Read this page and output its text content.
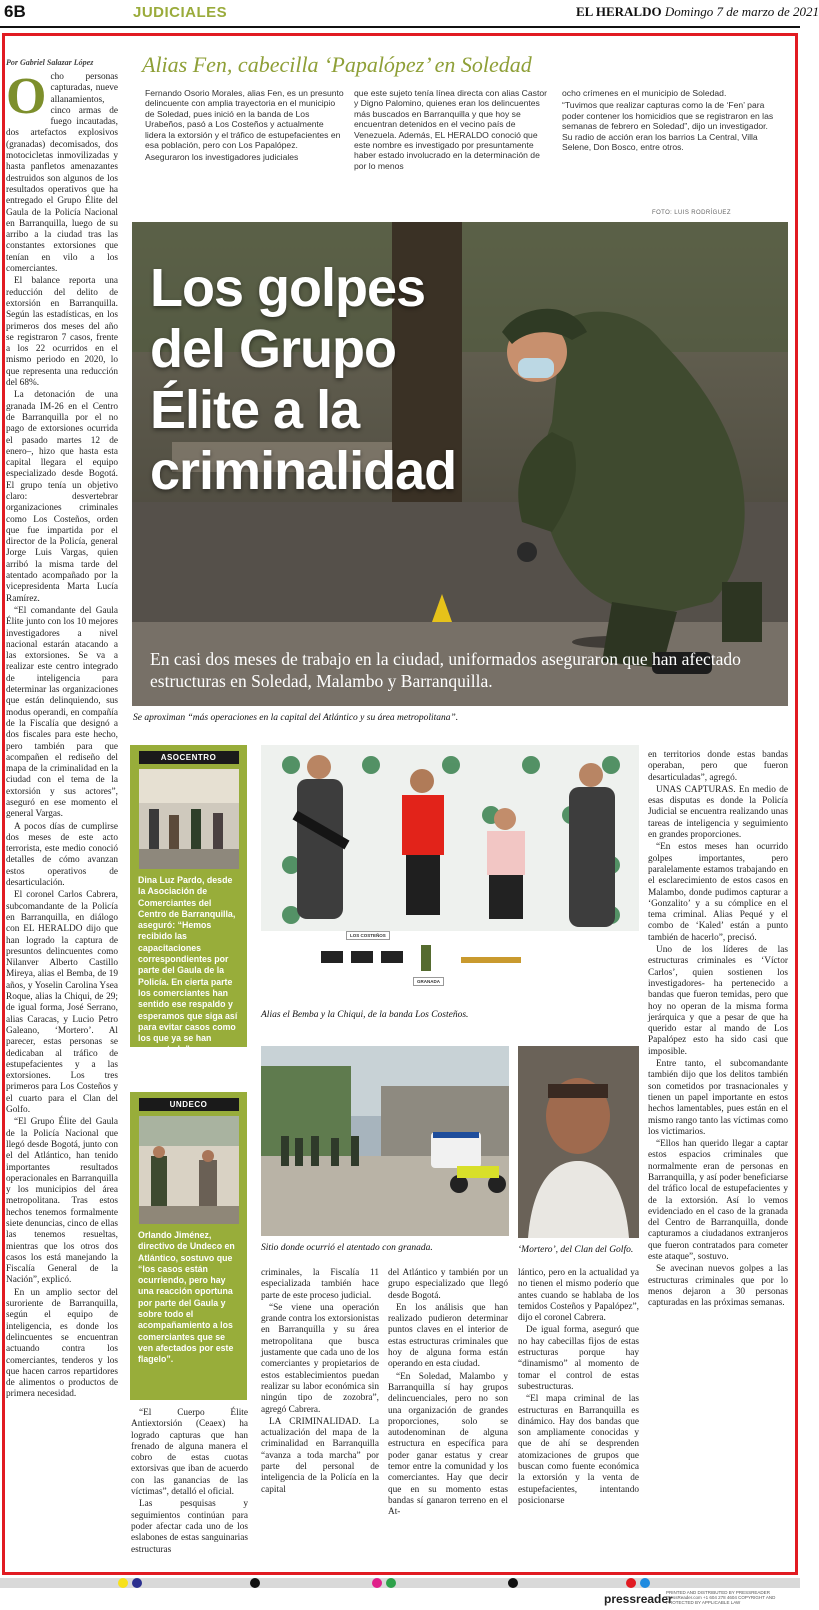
6B	JUDICIALES	EL HERALDO Domingo 7 de marzo de 2021
Por Gabriel Salazar López
O cho personas capturadas, nueve allanamientos, cinco armas de fuego incautadas, dos artefactos explosivos (granadas) decomisados, dos motocicletas inmovilizadas y hasta panfletos amenazantes destruidos son algunos de los resultados operativos que ha entregado el Grupo Élite del Gaula de la Policía Nacional en Barranquilla, luego de su arribo a la ciudad tras las constantes extorsiones que tenían en vilo a los comerciantes.

El balance reporta una reducción del delito de extorsión en Barranquilla. Según las estadísticas, en los primeros dos meses del año se registraron 7 casos, frente a los 22 ocurridos en el mismo periodo en 2020, lo que representa una reducción del 68%.

La detonación de una granada IM-26 en el Centro de Barranquilla por el no pago de extorsiones ocurrida el pasado martes 12 de enero–, hizo que hasta esta capital llegara el equipo especializado desde Bogotá. El grupo tenía un objetivo claro: desvertebrar organizaciones criminales como Los Costeños, orden que fue impartida por el director de la Policía, general Jorge Luis Vargas, quien arribó la misma tarde del atentado acompañado por la vicepresidenta Marta Lucía Ramírez.

“El comandante del Gaula Élite junto con los 10 mejores investigadores a nivel nacional estarán atacando a las extorsiones. Se va a realizar este centro integrado de inteligencia para determinar las organizaciones que están delinquiendo, sus modus operandi, en compañía de la Fiscalía que designó a dos fiscales para este hecho, pero también para que acompañen el rediseño del mapa de la criminalidad en la ciudad con el tema de la extorsión y sus actores”, aseguró en ese momento el general Vargas.

A pocos días de cumplirse dos meses de este acto terrorista, este medio conoció detalles de cómo avanzan estos operativos de desarticulación.

El coronel Carlos Cabrera, subcomandante de la Policía en Barranquilla, en diálogo con EL HERALDO dijo que han logrado la captura de presuntos delincuentes como Nilanver Alberto Castillo Mireya, alias el Bemba, de 19 años, y Yoselin Carolina Ysea Roque, alias la Chiqui, de 29; de igual forma, José Serrano, alias Caracas, y Lucio Petro Galeano, ‘Mortero’. Al parecer, estas personas se dedicaban al tráfico de estupefacientes y a las extorsiones. Los tres primeros para Los Costeños y el cuarto para el Clan del Golfo.

“El Grupo Élite del Gaula de la Policía Nacional que llegó desde Bogotá, junto con el del Atlántico, han tenido importantes resultados operacionales en Barranquilla y los municipios del área metropolitana. Tras estos hechos tenemos formalmente siete denuncias, cinco de ellas las tenemos resueltas, mientras que los otros dos casos los está manejando la Fiscalía General de la Nación”, explicó.

En un amplio sector del suroriente de Barranquilla, según el equipo de inteligencia, es donde los delincuentes se encuentran actuando contra los comerciantes, tenderos y los que hacen carros repartidores de alimentos o productos de primera necesidad.

Alias Fen, cabecilla ‘Papalópez’ en Soledad

Fernando Osorio Morales, alias Fen, es un presunto delincuente con amplia trayectoria en el municipio de Soledad, pues inició en la banda de Los Urabeños, pasó a Los Costeños y actualmente lidera la extorsión y el tráfico de estupefacientes en esa población, pero con Los Papalópez.

Aseguraron los investigadores judiciales

que este sujeto tenía línea directa con alias Castor y Digno Palomino, quienes eran los delincuentes más buscados en Barranquilla y que hoy se encuentran detenidos en el vecino país de Venezuela. Además, EL HERALDO conoció que este nombre es investigado por presuntamente haber estado involucrado en la determinación de por lo menos

ocho crímenes en el municipio de Soledad.

“Tuvimos que realizar capturas como la de ‘Fen’ para poder contener los homicidios que se registraron en las semanas de febrero en Soledad”, dijo un investigador. Su radio de acción eran los barrios La Central, Villa Selene, Don Bosco, entre otros.

FOTO: LUIS RODRÍGUEZ
Los golpes del Grupo Élite a la criminalidad
En casi dos meses de trabajo en la ciudad, uniformados aseguraron que han afectado estructuras en Soledad, Malambo y Barranquilla.
Se aproximan “más operaciones en la capital del Atlántico y su área metropolitana”.
ASOCENTRO
Dina Luz Pardo, desde la Asociación de Comerciantes del Centro de Barranquilla, aseguró: “Hemos recibido las capacitaciones correspondientes por parte del Gaula de la Policía. En cierta parte los comerciantes han sentido ese respaldo y esperamos que siga así para evitar casos como los que ya se han presentado”.
UNDECO
Orlando Jiménez, directivo de Undeco en Atlántico, sostuvo que “los casos están ocurriendo, pero hay una reacción oportuna por parte del Gaula y sobre todo el acompañamiento a los comerciantes que se ven afectados por este flagelo”.
LOS COSTEÑOS
GRANADA
Alias el Bemba y la Chiqui, de la banda Los Costeños.

en territorios donde estas bandas operaban, pero que fueron desarticuladas”, agregó.

UNAS CAPTURAS. En medio de esas disputas es donde la Policía Judicial se encuentra realizando unas tareas de inteligencia y seguimiento en grandes proporciones.

“En estos meses han ocurrido golpes importantes, pero paralelamente estamos trabajando en el esclarecimiento de estos casos en Malambo, donde pudimos capturar a ‘Gonzalito’ y a su cómplice en el tema criminal. Alias Pequé y el combo de ‘Kaled’ están a punto también de hacerlo”, precisó.

Uno de los líderes de las estructuras criminales es ‘Víctor Carlos’, quien sostienen los investigadores- ha pertenecido a bandas que fueron temidas, pero que hoy no operan de la misma forma jerárquica y que a pesar de que ha querido estar al mando de Los Papalópez esto ha sido casi que imposible.

Entre tanto, el subcomandante también dijo que los delitos también son cometidos por trasnacionales y tienen un papel importante en estos hechos lamentables, pues están en el mismo rango tanto las víctimas como los victimarios.

“Ellos han querido llegar a captar estos espacios criminales que normalmente eran de personas en Barranquilla, y así poder beneficiarse del tráfico local de estupefacientes y de la extorsión. Así lo vemos evidenciado en el caso de la granada del Centro de Barranquilla, donde capturamos a ciudadanos extranjeros que fueron contratados para cometer este ataque”, sostuvo.

Se avecinan nuevos golpes a las estructuras criminales que por lo menos dejaron a 30 personas capturadas en las próximas semanas.

Sitio donde ocurrió el atentado con granada.	‘Mortero’, del Clan del Golfo.

“El Cuerpo Élite Antiextorsión (Ceaex) ha logrado capturas que han frenado de alguna manera el cobro de estas cuotas extorsivas que iban de acuerdo con las ganancias de las víctimas”, detalló el oficial.

Las pesquisas y seguimientos continúan para poder afectar cada uno de los eslabones de estas sanguinarias estructuras

criminales, la Fiscalía 11 especializada también hace parte de este proceso judicial.

“Se viene una operación grande contra los extorsionistas en Barranquilla y su área metropolitana que busca justamente que cada uno de los comerciantes y propietarios de estos establecimientos puedan realizar su labor económica sin ningún tipo de zozobra”, agregó Cabrera.

LA CRIMINALIDAD. La actualización del mapa de la criminalidad en Barranquilla “avanza a toda marcha” por parte del personal de inteligencia de la Policía en la capital

del Atlántico y también por un grupo especializado que llegó desde Bogotá.

En los análisis que han realizado pudieron determinar puntos claves en el interior de estas estructuras criminales que hoy de alguna forma están operando en esta ciudad.

“En Soledad, Malambo y Barranquilla sí hay grupos delincuenciales, pero no son una organización de grandes proporciones, solo se autodenominan de alguna estructura en específica para poder ganar estatus y crear temor entre la comunidad y los comerciantes. Hay que decir que en su momento estas bandas sí ganaron terreno en el At-

lántico, pero en la actualidad ya no tienen el mismo poderío que antes cuando se hablaba de los temidos Costeños y Papalópez”, dijo el coronel Cabrera.

De igual forma, aseguró que no hay cabecillas fijos de estas estructuras porque hay “dinamismo” al momento de tomar el control de estas subestructuras.

“El mapa criminal de las estructuras en Barranquilla es dinámico. Hay dos bandas que son ampliamente conocidas y que de ahí se desprenden atomizaciones de grupos que buscan como fuente económica la extorsión y la venta de estupefacientes, intentando posicionarse

pressreader
PRINTED AND DISTRIBUTED BY PRESSREADER PressReader.com +1 604 278 4604 COPYRIGHT AND PROTECTED BY APPLICABLE LAW
